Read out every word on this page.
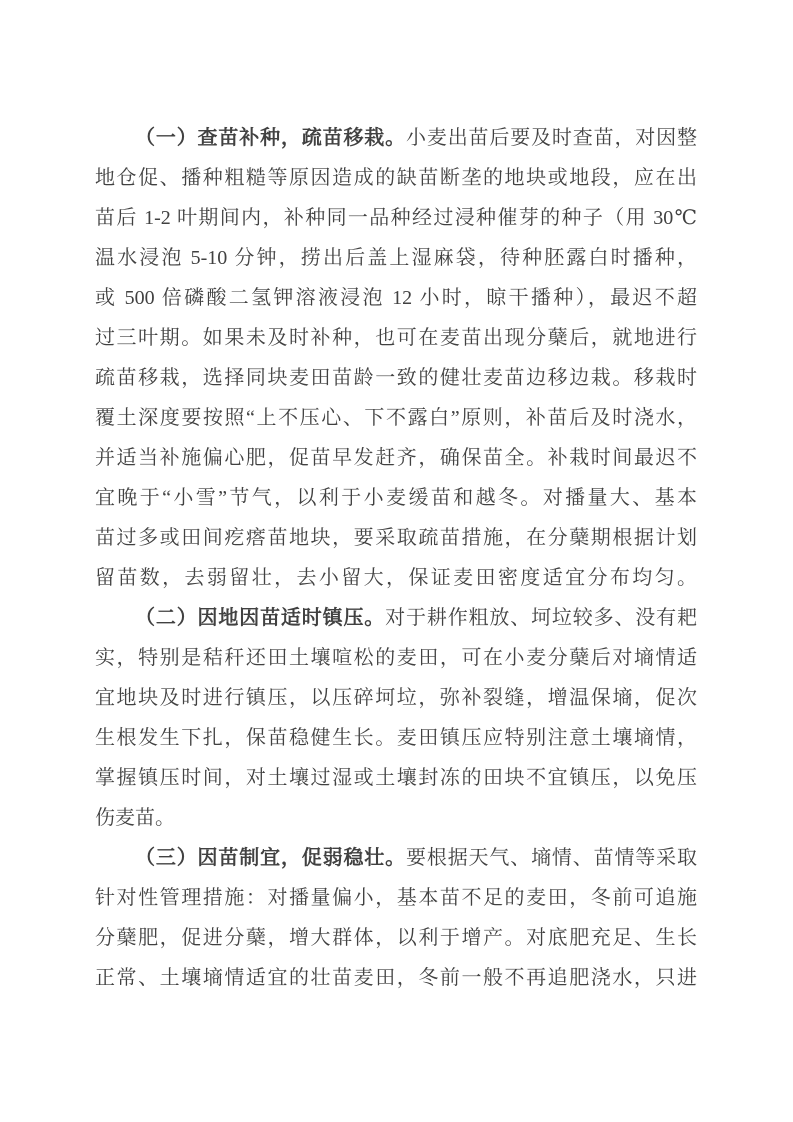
（一）查苗补种，疏苗移栽。小麦出苗后要及时查苗，对因整
地仓促、播种粗糙等原因造成的缺苗断垄的地块或地段，应在出
苗后 1-2 叶期间内，补种同一品种经过浸种催芽的种子（用 30℃
温水浸泡 5-10 分钟，捞出后盖上湿麻袋，待种胚露白时播种，
或 500 倍磷酸二氢钾溶液浸泡 12 小时，晾干播种），最迟不超
过三叶期。如果未及时补种，也可在麦苗出现分蘖后，就地进行
疏苗移栽，选择同块麦田苗龄一致的健壮麦苗边移边栽。移栽时
覆土深度要按照“上不压心、下不露白”原则，补苗后及时浇水，
并适当补施偏心肥，促苗早发赶齐，确保苗全。补栽时间最迟不
宜晚于“小雪”节气，以利于小麦缓苗和越冬。对播量大、基本
苗过多或田间疙瘩苗地块，要采取疏苗措施，在分蘖期根据计划
留苗数，去弱留壮，去小留大，保证麦田密度适宜分布均匀。
（二）因地因苗适时镇压。对于耕作粗放、坷垃较多、没有耙
实，特别是秸秆还田土壤喧松的麦田，可在小麦分蘖后对墒情适
宜地块及时进行镇压，以压碎坷垃，弥补裂缝，增温保墒，促次
生根发生下扎，保苗稳健生长。麦田镇压应特别注意土壤墒情，
掌握镇压时间，对土壤过湿或土壤封冻的田块不宜镇压，以免压
伤麦苗。
（三）因苗制宜，促弱稳壮。要根据天气、墒情、苗情等采取
针对性管理措施：对播量偏小，基本苗不足的麦田，冬前可追施
分蘖肥，促进分蘖，增大群体，以利于增产。对底肥充足、生长
正常、土壤墒情适宜的壮苗麦田，冬前一般不再追肥浇水，只进
